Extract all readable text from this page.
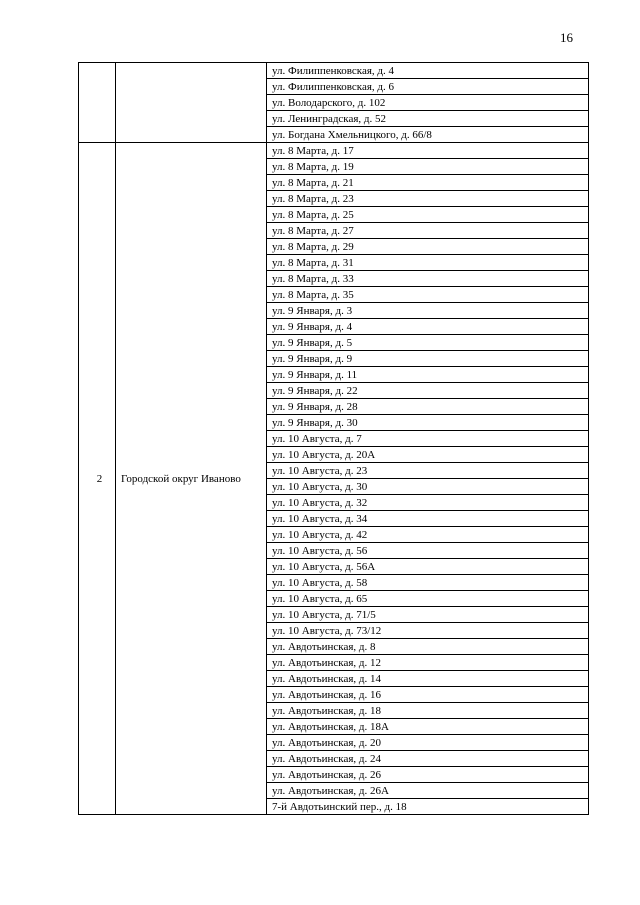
16
		ул. Филиппенковская, д. 4
		ул. Филиппенковская, д. 6
		ул. Володарского, д. 102
		ул. Ленинградская, д. 52
		ул. Богдана Хмельницкого, д. 66/8
2	Городской округ Иваново	ул. 8 Марта, д. 17
		ул. 8 Марта, д. 19
		ул. 8 Марта, д. 21
		ул. 8 Марта, д. 23
		ул. 8 Марта, д. 25
		ул. 8 Марта, д. 27
		ул. 8 Марта, д. 29
		ул. 8 Марта, д. 31
		ул. 8 Марта, д. 33
		ул. 8 Марта, д. 35
		ул. 9 Января, д. 3
		ул. 9 Января, д. 4
		ул. 9 Января, д. 5
		ул. 9 Января, д. 9
		ул. 9 Января, д. 11
		ул. 9 Января, д. 22
		ул. 9 Января, д. 28
		ул. 9 Января, д. 30
		ул. 10 Августа, д. 7
		ул. 10 Августа, д. 20А
		ул. 10 Августа, д. 23
		ул. 10 Августа, д. 30
		ул. 10 Августа, д. 32
		ул. 10 Августа, д. 34
		ул. 10 Августа, д. 42
		ул. 10 Августа, д. 56
		ул. 10 Августа, д. 56А
		ул. 10 Августа, д. 58
		ул. 10 Августа, д. 65
		ул. 10 Августа, д. 71/5
		ул. 10 Августа, д. 73/12
		ул. Авдотьинская, д. 8
		ул. Авдотьинская, д. 12
		ул. Авдотьинская, д. 14
		ул. Авдотьинская, д. 16
		ул. Авдотьинская, д. 18
		ул. Авдотьинская, д. 18А
		ул. Авдотьинская, д. 20
		ул. Авдотьинская, д. 24
		ул. Авдотьинская, д. 26
		ул. Авдотьинская, д. 26А
		7-й Авдотьинский пер., д. 18
